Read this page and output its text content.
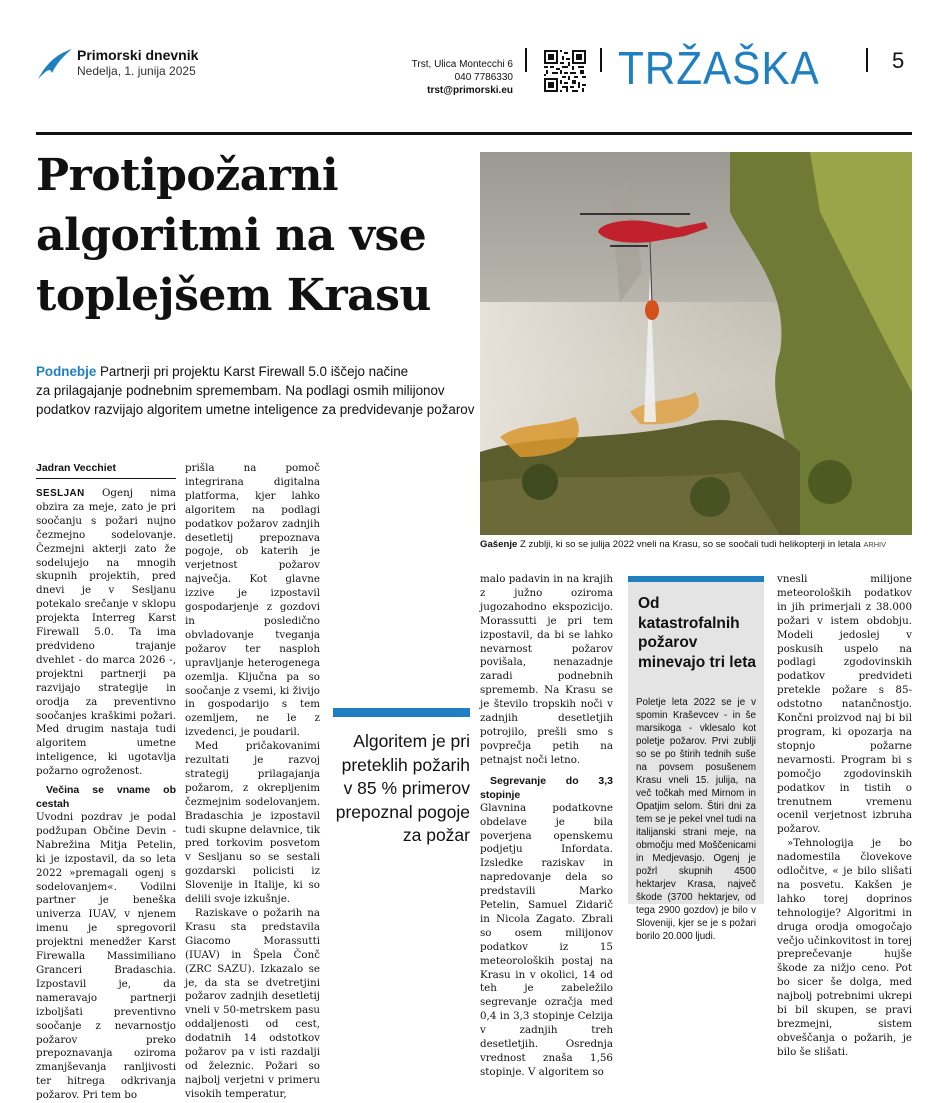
Primorski dnevnik
Nedelja, 1. junija 2025	Trst, Ulica Montecchi 6
040 7786330
trst@primorski.eu TRŽAŠKA	5
Protipožarni
algoritmi na vse
toplejšem Krasu
Podnebje Partnerji pri projektu Karst Firewall 5.0 iščejo načine
za prilagajanje podnebnim spremembam. Na podlagi osmih milijonov
podatkov razvijajo algoritem umetne inteligence za predvidevanje požarov
Gašenje Z zublji, ki so se julija 2022 vneli na Krasu, so se soočali tudi helikopterji in letala ARHIV
Jadran Vecchiet

SESLJAN Ogenj nima obzira za meje, zato je pri soočanju s požari nujno čezmejno sodelovanje. Čezmejni akterji zato že sodelujejo na mnogih skupnih projektih, pred dnevi je v Sesljanu potekalo srečanje v sklopu projekta Interreg Karst Firewall 5.0. Ta ima predvideno trajanje dvehlet - do marca 2026 -, projektni partnerji pa razvijajo strategije in orodja za preventivno soočanjes kraškimi požari. Med drugim nastaja tudi algoritem umetne inteligence, ki ugotavlja požarno ogroženost.

Večina se vname ob cestah

Uvodni pozdrav je podal podžupan Občine Devin - Nabrežina Mitja Petelin, ki je izpostavil, da so leta 2022 »premagali ogenj s sodelovanjem«. Vodilni partner je beneška univerza IUAV, v njenem imenu je spregovoril projektni menedžer Karst Firewalla Massimiliano Granceri Bradaschia. Izpostavil je, da nameravajo partnerji izboljšati preventivno soočanje z nevarnostjo požarov preko prepoznavanja oziroma zmanjševanja ranljivosti ter hitrega odkrivanja požarov. Pri tem bo

prišla na pomoč integrirana digitalna platforma, kjer lahko algoritem na podlagi podatkov požarov zadnjih desetletij prepoznava pogoje, ob katerih je verjetnost požarov največja. Kot glavne izzive je izpostavil gospodarjenje z gozdovi in posledično obvladovanje tveganja požarov ter nasploh upravljanje heterogenega ozemlja. Ključna pa so soočanje z vsemi, ki živijo in gospodarijo s tem ozemljem, ne le z izvedenci, je poudaril.

Med pričakovanimi rezultati je razvoj strategij prilagajanja požarom, z okrepljenim čezmejnim sodelovanjem. Bradaschia je izpostavil tudi skupne delavnice, tik pred torkovim posvetom v Sesljanu so se sestali gozdarski policisti iz Slovenije in Italije, ki so delili svoje izkušnje.

Raziskave o požarih na Krasu sta predstavila Giacomo Morassutti (IUAV) in Špela Čonč (ZRC SAZU). Izkazalo se je, da sta se dvetretjini požarov zadnjih desetletij vneli v 50-metrskem pasu oddaljenosti od cest, dodatnih 14 odstotkov požarov pa v isti razdalji od železnic. Požari so najbolj verjetni v primeru visokih temperatur,

Algoritem je pri preteklih požarih v 85 % primerov prepoznal pogoje za požar

malo padavin in na krajih z južno oziroma jugozahodno ekspozicijo. Morassutti je pri tem izpostavil, da bi se lahko nevarnost požarov povišala, nenazadnje zaradi podnebnih sprememb. Na Krasu se je število tropskih noči v zadnjih desetletjih potrojilo, prešli smo s povprečja petih na petnajst noči letno.

Segrevanje do 3,3 stopinje

Glavnina podatkovne obdelave je bila poverjena openskemu podjetju Infordata. Izsledke raziskav in napredovanje dela so predstavili Marko Petelin, Samuel Zidarič in Nicola Zagato. Zbrali so osem milijonov podatkov iz 15 meteoroloških postaj na Krasu in v okolici, 14 od teh je zabeležilo segrevanje ozračja med 0,4 in 3,3 stopinje Celzija v zadnjih treh desetletjih. Osrednja vrednost znaša 1,56 stopinje. V algoritem so

Od katastrofalnih požarov minevajo tri leta
Poletje leta 2022 se je v spomin Kraševcev - in še marsikoga - vklesalo kot poletje požarov. Prvi zublji so se po štirih tednih suše na povsem posušenem Krasu vneli 15. julija, na več točkah med Mirnom in Opatjim selom. Štiri dni za tem se je pekel vnel tudi na italijanski strani meje, na območju med Moščenicami in Medjevasjo. Ogenj je požrl skupnih 4500 hektarjev Krasa, največ škode (3700 hektarjev, od tega 2900 gozdov) je bilo v Sloveniji, kjer se je s požari borilo 20.000 ljudi.

vnesli milijone meteoroloških podatkov in jih primerjali z 38.000 požari v istem obdobju. Modeli jedoslej v poskusih uspelo na podlagi zgodovinskih podatkov predvideti pretekle požare s 85-odstotno natančnostjo. Končni proizvod naj bi bil program, ki opozarja na stopnjo požarne nevarnosti. Program bi s pomočjo zgodovinskih podatkov in tistih o trenutnem vremenu ocenil verjetnost izbruha požarov.

»Tehnologija je bo nadomestila človekove odločitve, « je bilo slišati na posvetu. Kakšen je lahko torej doprinos tehnologije? Algoritmi in druga orodja omogočajo večjo učinkovitost in torej preprečevanje hujše škode za nižjo ceno. Pot bo sicer še dolga, med najbolj potrebnimi ukrepi bi bil skupen, se pravi brezmejni, sistem obveščanja o požarih, je bilo še slišati.
